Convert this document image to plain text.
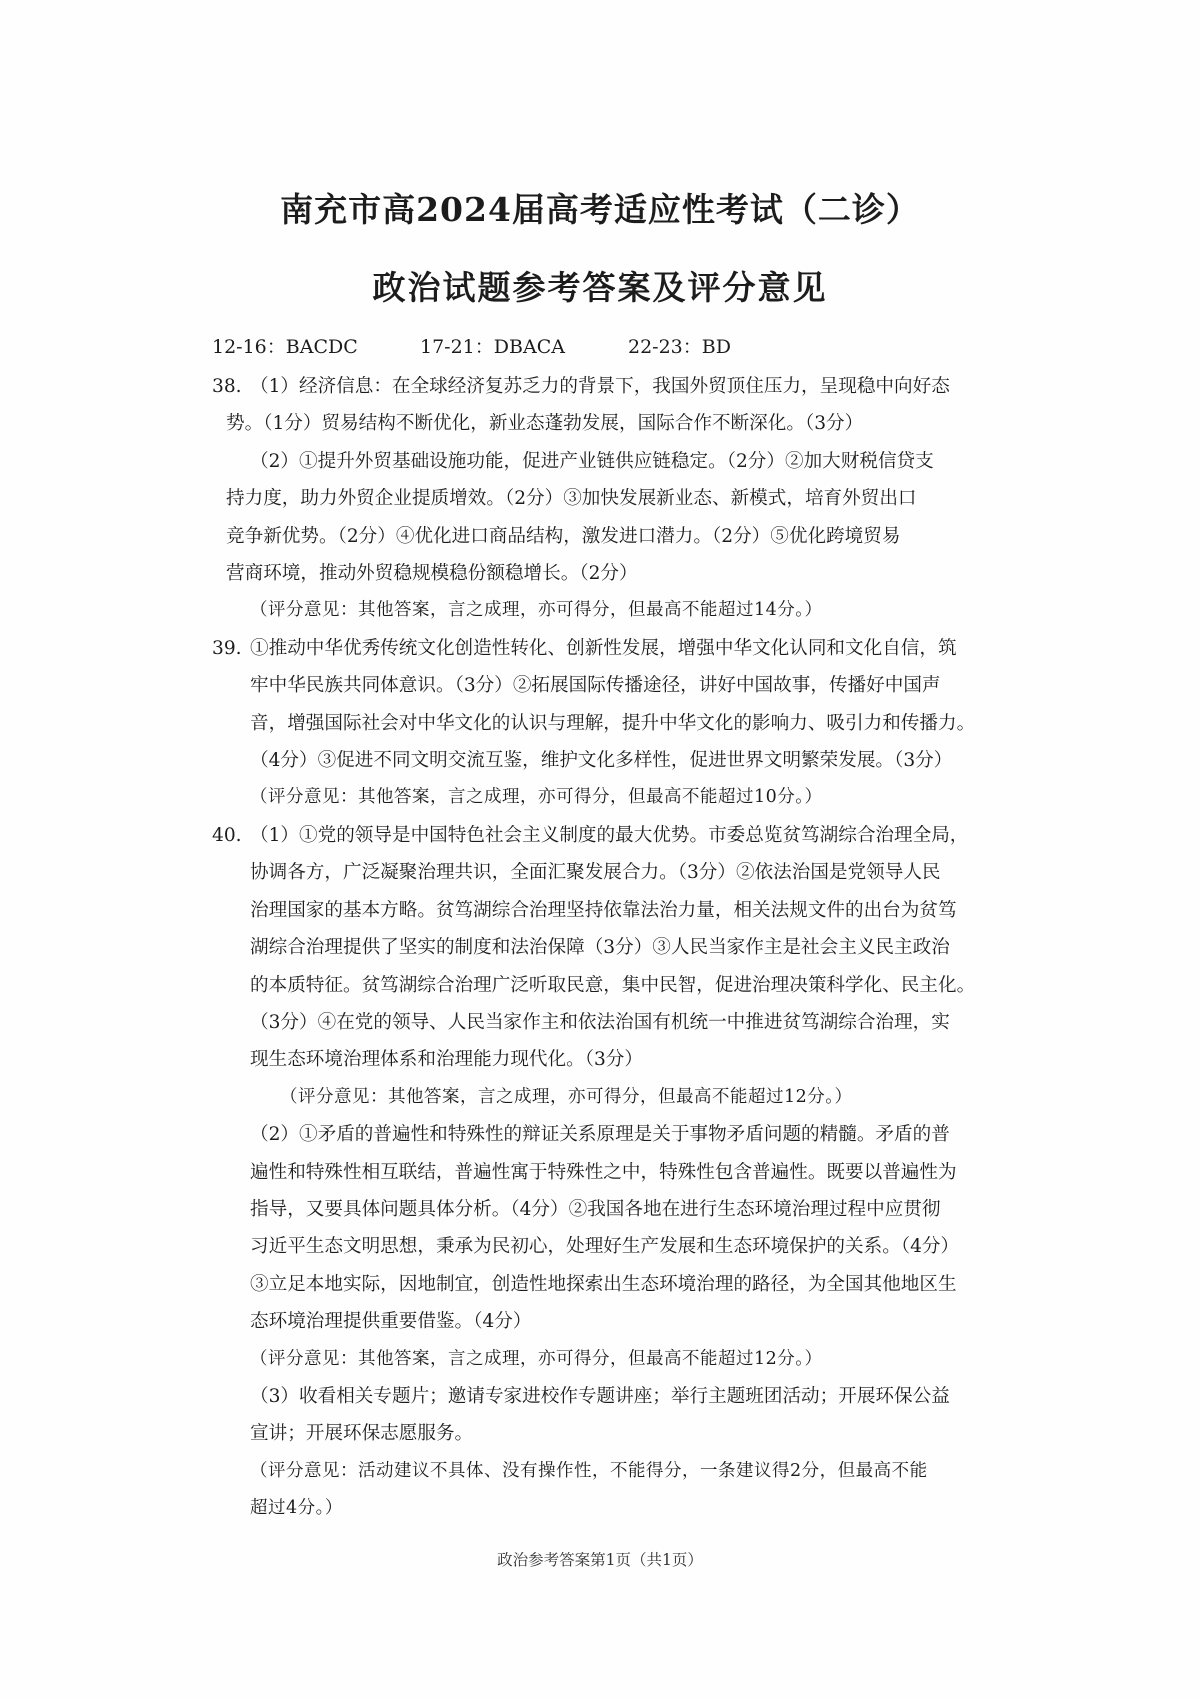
南充市高2024届高考适应性考试（二诊）
政治试题参考答案及评分意见
12-16：BACDC	17-21：DBACA	22-23：BD
38. （1）经济信息：在全球经济复苏乏力的背景下，我国外贸顶住压力，呈现稳中向好态
势。（1分）贸易结构不断优化，新业态蓬勃发展，国际合作不断深化。（3分）
（2）①提升外贸基础设施功能，促进产业链供应链稳定。（2分）②加大财税信贷支
持力度，助力外贸企业提质增效。（2分）③加快发展新业态、新模式，培育外贸出口
竞争新优势。（2分）④优化进口商品结构，激发进口潜力。（2分）⑤优化跨境贸易
营商环境，推动外贸稳规模稳份额稳增长。（2分）
（评分意见：其他答案，言之成理，亦可得分，但最高不能超过14分。）
39. ①推动中华优秀传统文化创造性转化、创新性发展，增强中华文化认同和文化自信，筑
牢中华民族共同体意识。（3分）②拓展国际传播途径，讲好中国故事，传播好中国声
音，增强国际社会对中华文化的认识与理解，提升中华文化的影响力、吸引力和传播力。
（4分）③促进不同文明交流互鉴，维护文化多样性，促进世界文明繁荣发展。（3分）
（评分意见：其他答案，言之成理，亦可得分，但最高不能超过10分。）
40. （1）①党的领导是中国特色社会主义制度的最大优势。市委总览贫笃湖综合治理全局，
协调各方，广泛凝聚治理共识，全面汇聚发展合力。（3分）②依法治国是党领导人民
治理国家的基本方略。贫笃湖综合治理坚持依靠法治力量，相关法规文件的出台为贫笃
湖综合治理提供了坚实的制度和法治保障（3分）③人民当家作主是社会主义民主政治
的本质特征。贫笃湖综合治理广泛听取民意，集中民智，促进治理决策科学化、民主化。
（3分）④在党的领导、人民当家作主和依法治国有机统一中推进贫笃湖综合治理，实
现生态环境治理体系和治理能力现代化。（3分）
（评分意见：其他答案，言之成理，亦可得分，但最高不能超过12分。）
（2）①矛盾的普遍性和特殊性的辩证关系原理是关于事物矛盾问题的精髓。矛盾的普
遍性和特殊性相互联结，普遍性寓于特殊性之中，特殊性包含普遍性。既要以普遍性为
指导，又要具体问题具体分析。（4分）②我国各地在进行生态环境治理过程中应贯彻
习近平生态文明思想，秉承为民初心，处理好生产发展和生态环境保护的关系。（4分）
③立足本地实际，因地制宜，创造性地探索出生态环境治理的路径，为全国其他地区生
态环境治理提供重要借鉴。（4分）
（评分意见：其他答案，言之成理，亦可得分，但最高不能超过12分。）
（3）收看相关专题片；邀请专家进校作专题讲座；举行主题班团活动；开展环保公益
宣讲；开展环保志愿服务。
（评分意见：活动建议不具体、没有操作性，不能得分，一条建议得2分，但最高不能
超过4分。）
政治参考答案第1页（共1页）
